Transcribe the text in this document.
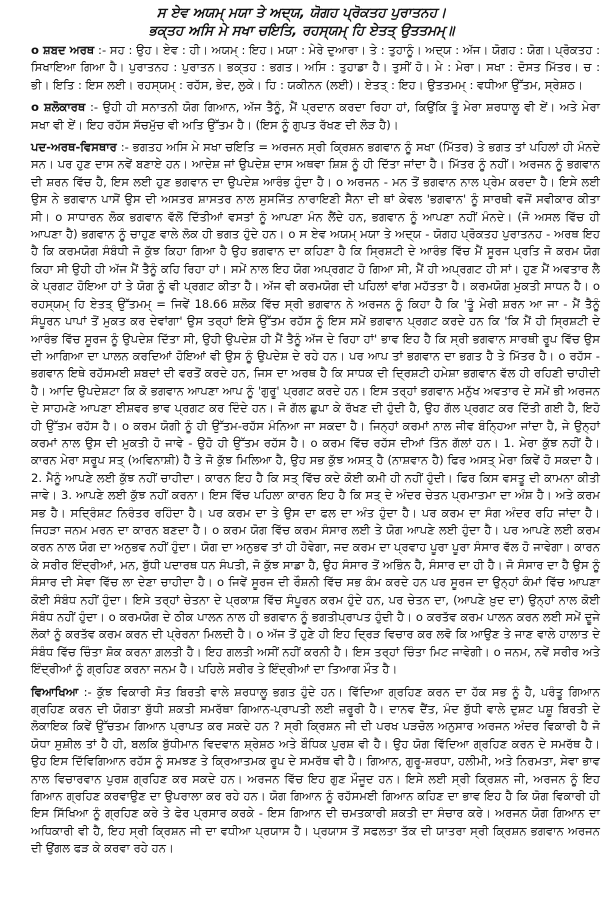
ਸ ਏਵ ਅਯਮ੍ ਮਯਾ ਤੇ ਅਦ੍ਯ, ਯੋਗਹ ਪ੍ਰੋਕਤਹ ਪੁਰਾਤਨਹ।

ਭਕ੍ਤਹ ਅਸਿ ਮੇ ਸਖਾ ਚਇਤਿ, ਰਹਸ੍ਯਮ੍ ਹਿ ਏਤਤ੍ ਉਤਤਮਮ੍॥

o ਸ਼ਬਦ ਅਰਥ :- ਸਹ : ਉਹ। ਏਵ : ਹੀ। ਅਯਮ੍ : ਇਹ। ਮਯਾ : ਮੇਰੇ ਦੁਆਰਾ। ਤੇ : ਤੁਹਾਨੂੰ। ਅਦ੍ਯ : ਅੱਜ। ਯੋਗਹ : ਯੋਗ। ਪ੍ਰੋਕਤਹ : ਸਿਖਾਇਆ ਗਿਆ ਹੈ। ਪੁਰਾਤਨਹ : ਪੁਰਾਤਨ। ਭਕ੍ਤਹ : ਭਗਤ। ਅਸਿ : ਤੁਹਾਡਾ ਹੈ। ਤੁਸੀਂ ਹੋ। ਮੇ : ਮੇਰਾ। ਸਖਾ : ਦੋਸਤ ਮਿੱਤਰ। ਚ : ਭੀ। ਇਤਿ : ਇਸ ਲਈ। ਰਹਸ੍ਯਮ੍ : ਰਹੱਸ, ਭੇਦ, ਲੁਕੇ। ਹਿ : ਯਕੀਨਨ (ਲਈ)। ਏਤਤ੍ : ਇਹ। ਉਤਤਮਮ੍ : ਵਧੀਆ ਉੱਤਮ, ਸ੍ਰੇਸ਼ਠ।

o ਸ਼ਲੋਕਾਰਥ :- ਉਹੀ ਹੀ ਸਨਾਤਨੀ ਯੋਗ ਗਿਆਨ, ਅੱਜ ਤੈਨੂੰ, ਮੈਂ ਪ੍ਰਦਾਨ ਕਰਦਾ ਰਿਹਾ ਹਾਂ, ਕਿਉਂਕਿ ਤੂੰ ਮੇਰਾ ਸ਼ਰਧਾਲੂ ਵੀ ਏਂ। ਅਤੇ ਮੇਰਾ ਸਖਾ ਵੀ ਏਂ। ਇਹ ਰਹੱਸ ਸੱਚਮੁੱਚ ਵੀ ਅਤਿ ਉੱਤਮ ਹੈ। (ਇਸ ਨੂੰ ਗੁਪਤ ਰੱਖਣ ਦੀ ਲੋੜ ਹੈ)।

ਪਦ-ਅਰਥ-ਵਿਸਥਾਰ :- ਭਗਤਹ ਅਸਿ ਮੇ ਸਖਾ ਚਇਤਿ = ਅਰਜਨ ਸ੍ਰੀ ਕ੍ਰਿਸ਼ਨ ਭਗਵਾਨ ਨੂੰ ਸਖਾ (ਮਿੱਤਰ) ਤੇ ਭਗਤ ਤਾਂ ਪਹਿਲਾਂ ਹੀ ਮੰਨਦੇ ਸਨ। ਪਰ ਹੁਣ ਦਾਸ ਨਵੇਂ ਬਣਾਏ ਹਨ। ਆਦੇਸ਼ ਜਾਂ ਉਪਦੇਸ਼ ਦਾਸ ਅਥਵਾ ਸ਼ਿਸ਼ ਨੂੰ ਹੀ ਦਿੱਤਾ ਜਾਂਦਾ ਹੈ। ਮਿੱਤਰ ਨੂੰ ਨਹੀਂ। ਅਰਜਨ ਨੂੰ ਭਗਵਾਨ ਦੀ ਸ਼ਰਨ ਵਿੱਚ ਹੈ, ਇਸ ਲਈ ਹੁਣ ਭਗਵਾਨ ਦਾ ਉਪਦੇਸ਼ ਆਰੰਭ ਹੁੰਦਾ ਹੈ। o ਅਰਜਨ - ਮਨ ਤੋਂ ਭਗਵਾਨ ਨਾਲ ਪ੍ਰੇਮ ਕਰਦਾ ਹੈ। ਇਸੇ ਲਈ ਉਸ ਨੇ ਭਗਵਾਨ ਪਾਸੋਂ ਉਸ ਦੀ ਅਸਤਰ ਸ਼ਾਸਤਰ ਨਾਲ ਸੁਸਜਿੱਤ ਨਾਰਾਇਣੀ ਸੈਨਾ ਦੀ ਥਾਂ ਕੇਵਲ 'ਭਗਵਾਨ' ਨੂੰ ਸਾਰਥੀ ਵਜੋਂ ਸਵੀਕਾਰ ਕੀਤਾ ਸੀ। o ਸਾਧਾਰਨ ਲੋਕ ਭਗਵਾਨ ਵੱਲੋਂ ਦਿੱਤੀਆਂ ਵਸਤਾਂ ਨੂੰ ਆਪਣਾ ਮੰਨ ਲੈਂਦੇ ਹਨ, ਭਗਵਾਨ ਨੂੰ ਆਪਣਾ ਨਹੀਂ ਮੰਨਦੇ। (ਜੋ ਅਸਲ ਵਿੱਚ ਹੀ ਆਪਣਾ ਹੈ) ਭਗਵਾਨ ਨੂੰ ਚਾਹੁਣ ਵਾਲੇ ਲੋਕ ਹੀ ਭਗਤ ਹੁੰਦੇ ਹਨ। o ਸ ਏਵ ਅਯਮ੍ ਮਯਾ ਤੇ ਅਦ੍ਯ - ਯੋਗਹ ਪ੍ਰੋਕਤਹ ਪੁਰਾਤਨਹ - ਅਰਥ ਇਹ ਹੈ ਕਿ ਕਰਮਯੋਗ ਸੰਬੰਧੀ ਜੋ ਕੁੱਝ ਕਿਹਾ ਗਿਆ ਹੈ ਉਹ ਭਗਵਾਨ ਦਾ ਕਹਿਣਾ ਹੈ ਕਿ ਸ੍ਰਿਸ਼ਟੀ ਦੇ ਆਰੰਭ ਵਿੱਚ ਮੈਂ ਸੂਰਜ ਪ੍ਰਤਿ ਜੋ ਕਰਮ ਯੋਗ ਕਿਹਾ ਸੀ ਉਹੀ ਹੀ ਅੱਜ ਮੈਂ ਤੈਨੂੰ ਕਹਿ ਰਿਹਾ ਹਾਂ। ਸਮੇਂ ਨਾਲ ਇਹ ਯੋਗ ਅਪ੍ਰਗਟ ਹੋ ਗਿਆ ਸੀ, ਮੈਂ ਹੀ ਅਪ੍ਰਗਟ ਹੀ ਸਾਂ। ਹੁਣ ਮੈਂ ਅਵਤਾਰ ਲੈ ਕੇ ਪ੍ਰਗਟ ਹੋਇਆ ਹਾਂ ਤੇ ਯੋਗ ਨੂੰ ਵੀ ਪ੍ਰਗਟ ਕੀਤਾ ਹੈ। ਅੱਜ ਵੀ ਕਰਮਯੋਗ ਦੀ ਪਹਿਲਾਂ ਵਾਂਗ ਮਹੱਤਤਾ ਹੈ। ਕਰਮਯੋਗ ਮੁਕਤੀ ਸਾਧਨ ਹੈ। o ਰਹਸ੍ਯਮ੍ ਹਿ ਏਤਤ੍ ਉੱਤਮਮ੍ = ਜਿਵੇਂ 18.66 ਸ਼ਲੋਕ ਵਿੱਚ ਸ੍ਰੀ ਭਗਵਾਨ ਨੇ ਅਰਜਨ ਨੂੰ ਕਿਹਾ ਹੈ ਕਿ 'ਤੂੰ ਮੇਰੀ ਸ਼ਰਨ ਆ ਜਾ - ਮੈਂ ਤੈਨੂੰ ਸੰਪੂਰਨ ਪਾਪਾਂ ਤੋਂ ਮੁਕਤ ਕਰ ਦੇਵਾਂਗਾ' ਉਸ ਤਰ੍ਹਾਂ ਇਸੇ ਉੱਤਮ ਰਹੱਸ ਨੂੰ ਇਸ ਸਮੇਂ ਭਗਵਾਨ ਪ੍ਰਗਟ ਕਰਦੇ ਹਨ ਕਿ 'ਕਿ ਮੈਂ ਹੀ ਸ੍ਰਿਸ਼ਟੀ ਦੇ ਆਰੰਭ ਵਿੱਚ ਸੂਰਜ ਨੂੰ ਉਪਦੇਸ਼ ਦਿੱਤਾ ਸੀ, ਉਹੀ ਉਪਦੇਸ਼ ਹੀ ਮੈਂ ਤੈਨੂੰ ਅੱਜ ਦੇ ਰਿਹਾ ਹਾਂ' ਭਾਵ ਇਹ ਹੈ ਕਿ ਸ੍ਰੀ ਭਗਵਾਨ ਸਾਰਥੀ ਰੂਪ ਵਿੱਚ ਉਸ ਦੀ ਆਗਿਆ ਦਾ ਪਾਲਨ ਕਰਦਿਆਂ ਹੋਇਆਂ ਵੀ ਉਸ ਨੂੰ ਉਪਦੇਸ਼ ਦੇ ਰਹੇ ਹਨ। ਪਰ ਆਪ ਤਾਂ ਭਗਵਾਨ ਦਾ ਭਗਤ ਹੈ ਤੇ ਮਿੱਤਰ ਹੈ। o ਰਹੱਸ - ਭਗਵਾਨ ਇਥੇ ਰਹੱਸਮਈ ਸ਼ਬਦਾਂ ਦੀ ਵਰਤੋਂ ਕਰਦੇ ਹਨ, ਜਿਸ ਦਾ ਅਰਥ ਹੈ ਕਿ ਸਾਧਕ ਦੀ ਦ੍ਰਿਸ਼ਟੀ ਹਮੇਸ਼ਾ ਭਗਵਾਨ ਵੱਲ ਹੀ ਰਹਿਣੀ ਚਾਹੀਦੀ ਹੈ। ਆਦਿ ਉਪਦੇਸ਼ਟਾ ਕਿ ਕੋ ਭਗਵਾਨ ਆਪਣਾ ਆਪ ਨੂੰ 'ਗੁਰੂ' ਪ੍ਰਗਟ ਕਰਦੇ ਹਨ। ਇਸ ਤਰ੍ਹਾਂ ਭਗਵਾਨ ਮਨੁੱਖ ਅਵਤਾਰ ਦੇ ਸਮੇਂ ਭੀ ਅਰਜਨ ਦੇ ਸਾਹਮਣੇ ਆਪਣਾ ਈਸ਼ਵਰ ਭਾਵ ਪ੍ਰਗਟ ਕਰ ਦਿੰਦੇ ਹਨ। ਜੋ ਗੱਲ ਛੁਪਾ ਕੇ ਰੱਖਣ ਦੀ ਹੁੰਦੀ ਹੈ, ਉਹ ਗੱਲ ਪ੍ਰਗਟ ਕਰ ਦਿੱਤੀ ਗਈ ਹੈ, ਇਹੋ ਹੀ ਉੱਤਮ ਰਹੱਸ ਹੈ। o ਕਰਮ ਯੋਗੀ ਨੂੰ ਹੀ ਉੱਤਮ-ਰਹੱਸ ਮੰਨਿਆ ਜਾ ਸਕਦਾ ਹੈ। ਜਿਨ੍ਹਾਂ ਕਰਮਾਂ ਨਾਲ ਜੀਵ ਬੰਨ੍ਹਿਆ ਜਾਂਦਾ ਹੈ, ਜੇ ਉਨ੍ਹਾਂ ਕਰਮਾਂ ਨਾਲ ਉਸ ਦੀ ਮੁਕਤੀ ਹੋ ਜਾਵੇ - ਉਹੋ ਹੀ ਉੱਤਮ ਰਹੱਸ ਹੈ। o ਕਰਮ ਵਿੱਚ ਰਹੱਸ ਦੀਆਂ ਤਿੰਨ ਗੱਲਾਂ ਹਨ। 1. ਮੇਰਾ ਕੁੱਝ ਨਹੀਂ ਹੈ। ਕਾਰਨ ਮੇਰਾ ਸਰੂਪ ਸਤ੍ (ਅਵਿਨਾਸ਼ੀ) ਹੈ ਤੇ ਜੋ ਕੁੱਝ ਮਿਲਿਆ ਹੈ, ਉਹ ਸਭ ਕੁੱਝ ਅਸਤ੍ ਹੈ (ਨਾਸ਼ਵਾਨ ਹੈ) ਫਿਰ ਅਸਤ੍ ਮੇਰਾ ਕਿਵੇਂ ਹੋ ਸਕਦਾ ਹੈ। 2. ਮੈਨੂੰ ਆਪਣੇ ਲਈ ਕੁੱਝ ਨਹੀਂ ਚਾਹੀਦਾ। ਕਾਰਨ ਇਹ ਹੈ ਕਿ ਸਤ੍ ਵਿੱਚ ਕਦੇ ਕੋਈ ਕਮੀ ਹੀ ਨਹੀਂ ਹੁੰਦੀ। ਫਿਰ ਕਿਸ ਵਸਤੂ ਦੀ ਕਾਮਨਾ ਕੀਤੀ ਜਾਵੇ। 3. ਆਪਣੇ ਲਈ ਕੁੱਝ ਨਹੀਂ ਕਰਨਾ। ਇਸ ਵਿੱਚ ਪਹਿਲਾ ਕਾਰਨ ਇਹ ਹੈ ਕਿ ਸਤ੍ ਦੇ ਅੰਦਰ ਚੇਤਨ ਪ੍ਰਮਾਤਮਾ ਦਾ ਅੰਸ਼ ਹੈ। ਅਤੇ ਕਰਮ ਸਭ ਹੈ। ਸਦ੍ਰਿੰਸ਼ਟ ਨਿਰੰਤਰ ਰਹਿੰਦਾ ਹੈ। ਪਰ ਕਰਮ ਦਾ ਤੇ ਉਸ ਦਾ ਫਲ ਦਾ ਅੰਤ ਹੁੰਦਾ ਹੈ। ਪਰ ਕਰਮ ਦਾ ਸੰਗ ਅੰਦਰ ਰਹਿ ਜਾਂਦਾ ਹੈ। ਜਿਹੜਾ ਜਨਮ ਮਰਨ ਦਾ ਕਾਰਨ ਬਣਦਾ ਹੈ। o ਕਰਮ ਯੋਗ ਵਿੱਚ ਕਰਮ ਸੰਸਾਰ ਲਈ ਤੇ ਯੋਗ ਆਪਣੇ ਲਈ ਹੁੰਦਾ ਹੈ। ਪਰ ਆਪਣੇ ਲਈ ਕਰਮ ਕਰਨ ਨਾਲ ਯੋਗ ਦਾ ਅਨੁਭਵ ਨਹੀਂ ਹੁੰਦਾ। ਯੋਗ ਦਾ ਅਨੁਭਵ ਤਾਂ ਹੀ ਹੋਵੇਗਾ, ਜਦ ਕਰਮ ਦਾ ਪ੍ਰਵਾਹ ਪੂਰਾ ਪੂਰਾ ਸੰਸਾਰ ਵੱਲ ਹੋ ਜਾਵੇਗਾ। ਕਾਰਨ ਕੇ ਸਰੀਰ ਇੰਦ੍ਰੀਆਂ, ਮਨ, ਬੁੱਧੀ ਪਦਾਰਥ ਧਨ ਸੰਪਤੀ, ਜੋ ਕੁੱਝ ਸਾਡਾ ਹੈ, ਉਹ ਸੰਸਾਰ ਤੋਂ ਅਭਿੰਨ ਹੈ, ਸੰਸਾਰ ਦਾ ਹੀ ਹੈ। ਜੋ ਸੰਸਾਰ ਦਾ ਹੈ ਉਸ ਨੂੰ ਸੰਸਾਰ ਦੀ ਸੇਵਾ ਵਿੱਚ ਲਾ ਦੇਣਾ ਚਾਹੀਦਾ ਹੈ। o ਜਿਵੇਂ ਸੂਰਜ ਦੀ ਰੌਸ਼ਨੀ ਵਿੱਚ ਸਭ ਕੰਮ ਕਰਦੇ ਹਨ ਪਰ ਸੂਰਜ ਦਾ ਉਨ੍ਹਾਂ ਕੰਮਾਂ ਵਿੱਚ ਆਪਣਾ ਕੋਈ ਸੰਬੰਧ ਨਹੀਂ ਹੁੰਦਾ। ਇਸੇ ਤਰ੍ਹਾਂ ਚੇਤਨਾ ਦੇ ਪ੍ਰਕਾਸ਼ ਵਿੱਚ ਸੰਪੂਰਨ ਕਰਮ ਹੁੰਦੇ ਹਨ, ਪਰ ਚੇਤਨ ਦਾ, (ਆਪਣੇ ਖ਼ੁਦ ਦਾ) ਉਨ੍ਹਾਂ ਨਾਲ ਕੋਈ ਸੰਬੰਧ ਨਹੀਂ ਹੁੰਦਾ। o ਕਰਮਯੋਗ ਦੇ ਠੀਕ ਪਾਲਨ ਨਾਲ ਹੀ ਭਗਵਾਨ ਨੂੰ ਭਗਤੀਪ੍ਰਾਪਤ ਹੁੰਦੀ ਹੈ। o ਕਰਤੱਵ ਕਰਮ ਪਾਲਨ ਕਰਨ ਲਈ ਸਮੇਂ ਦੂਜੇ ਲੋਕਾਂ ਨੂੰ ਕਰਤੱਵ ਕਰਮ ਕਰਨ ਦੀ ਪ੍ਰੇਰਨਾ ਮਿਲਦੀ ਹੈ। o ਅੱਜ ਤੋਂ ਹੁਣੇ ਹੀ ਇਹ ਦ੍ਰਿੜ ਵਿਚਾਰ ਕਰ ਲਵੋ ਕਿ ਆਉਣ ਤੇ ਜਾਣ ਵਾਲੇ ਹਾਲਾਤ ਦੇ ਸੰਬੰਧ ਵਿੱਚ ਚਿੰਤਾ ਸ਼ੋਕ ਕਰਨਾ ਗ਼ਲਤੀ ਹੈ। ਇਹ ਗਲਤੀ ਅਸੀਂ ਨਹੀਂ ਕਰਨੀ ਹੈ। ਇਸ ਤਰ੍ਹਾਂ ਚਿੰਤਾ ਮਿਟ ਜਾਵੇਗੀ। o ਜਨਮ, ਨਵੇਂ ਸਰੀਰ ਅਤੇ ਇੰਦ੍ਰੀਆਂ ਨੂੰ ਗ੍ਰਹਿਣ ਕਰਨਾ ਜਨਮ ਹੈ। ਪਹਿਲੇ ਸਰੀਰ ਤੇ ਇੰਦ੍ਰੀਆਂ ਦਾ ਤਿਆਗ ਮੌਤ ਹੈ।

ਵਿਆਖਿਆ :- ਕੁੱਝ ਵਿਕਾਰੀ ਸੋਤ ਬਿਰਤੀ ਵਾਲੇ ਸ਼ਰਧਾਲੂ ਭਗਤ ਹੁੰਦੇ ਹਨ। ਵਿੱਦਿਆ ਗ੍ਰਹਿਣ ਕਰਨ ਦਾ ਹੱਕ ਸਭ ਨੂੰ ਹੈ, ਪਰੰਤੂ ਗਿਆਨ ਗ੍ਰਹਿਣ ਕਰਨ ਦੀ ਯੋਗਤਾ ਬੁੱਧੀ ਸ਼ਕਤੀ ਸਮਰੱਥਾ ਗਿਆਨ-ਪ੍ਰਾਪਤੀ ਲਈ ਜ਼ਰੂਰੀ ਹੈ। ਦਾਨਵ ਦੈਂਤ, ਮੰਦ ਬੁੱਧੀ ਵਾਲੇ ਦੁਸ਼ਟ ਪਸ਼ੂ ਬਿਰਤੀ ਦੇ ਲੋਕਾਇਕ ਕਿਵੇਂ ਉੱਚਤਮ ਗਿਆਨ ਪ੍ਰਾਪਤ ਕਰ ਸਕਦੇ ਹਨ ? ਸ੍ਰੀ ਕ੍ਰਿਸ਼ਨ ਜੀ ਦੀ ਪਰਖ ਪੜਚੋਲ ਅਨੁਸਾਰ ਅਰਜਨ ਅੰਦਰ ਵਿਕਾਰੀ ਹੈ ਜੋ ਯੋਧਾ ਸੁਸ਼ੀਲ ਤਾਂ ਹੈ ਹੀ, ਬਲਕਿ ਬੁੱਧੀਮਾਨ ਵਿਦਵਾਨ ਸ਼੍ਰੇਸ਼ਠ ਅਤੇ ਬੌਧਿਕ ਪੁਰਸ਼ ਵੀ ਹੈ। ਉਹ ਯੋਗ ਵਿੱਦਿਆ ਗ੍ਰਹਿਣ ਕਰਨ ਦੇ ਸਮਰੱਥ ਹੈ। ਉਹ ਇਸ ਦਿੱਵਿਗਿਆਨ ਰਹੱਸ ਨੂੰ ਸਮਝਣ ਤੇ ਕ੍ਰਿਆਤਮਕ ਰੂਪ ਦੇ ਸਮਰੱਥ ਵੀ ਹੈ। ਗਿਆਨ, ਗੁਰੂ-ਸ਼ਰਧਾ, ਹਲੀਮੀ, ਅਤੇ ਨਿਰਮਤਾ, ਸੇਵਾ ਭਾਵ ਨਾਲ ਵਿਚਾਰਵਾਨ ਪੁਰਸ਼ ਗ੍ਰਹਿਣ ਕਰ ਸਕਦੇ ਹਨ। ਅਰਜਨ ਵਿੱਚ ਇਹ ਗੁਣ ਮੌਜੂਦ ਹਨ। ਇਸੇ ਲਈ ਸ੍ਰੀ ਕ੍ਰਿਸ਼ਨ ਜੀ, ਅਰਜਨ ਨੂੰ ਇਹ ਗਿਆਨ ਗ੍ਰਹਿਣ ਕਰਵਾਉਣ ਦਾ ਉਪਰਾਲਾ ਕਰ ਰਹੇ ਹਨ। ਯੋਗ ਗਿਆਨ ਨੂੰ ਰਹੱਸਮਈ ਗਿਆਨ ਕਹਿਣ ਦਾ ਭਾਵ ਇਹ ਹੈ ਕਿ ਯੋਗ ਵਿਕਾਰੀ ਹੀ ਇਸ ਸਿੱਖਿਆ ਨੂੰ ਗ੍ਰਹਿਣ ਕਰੇ ਤੇ ਫੇਰ ਪ੍ਰਸਾਰ ਕਰਕੇ - ਇਸ ਗਿਆਨ ਦੀ ਚਮਤਕਾਰੀ ਸ਼ਕਤੀ ਦਾ ਸੰਚਾਰ ਕਰੇ। ਅਰਜਨ ਯੋਗ ਗਿਆਨ ਦਾ ਅਧਿਕਾਰੀ ਵੀ ਹੈ, ਇਹ ਸ੍ਰੀ ਕ੍ਰਿਸ਼ਨ ਜੀ ਦਾ ਵਧੀਆ ਪ੍ਰਯਾਸ ਹੈ। ਪ੍ਰਯਾਸ ਤੋਂ ਸਫਲਤਾ ਤੱਕ ਦੀ ਯਾਤਰਾ ਸ੍ਰੀ ਕ੍ਰਿਸ਼ਨ ਭਗਵਾਨ ਅਰਜਨ ਦੀ ਉਂਗਲ ਫੜ ਕੇ ਕਰਵਾ ਰਹੇ ਹਨ।
